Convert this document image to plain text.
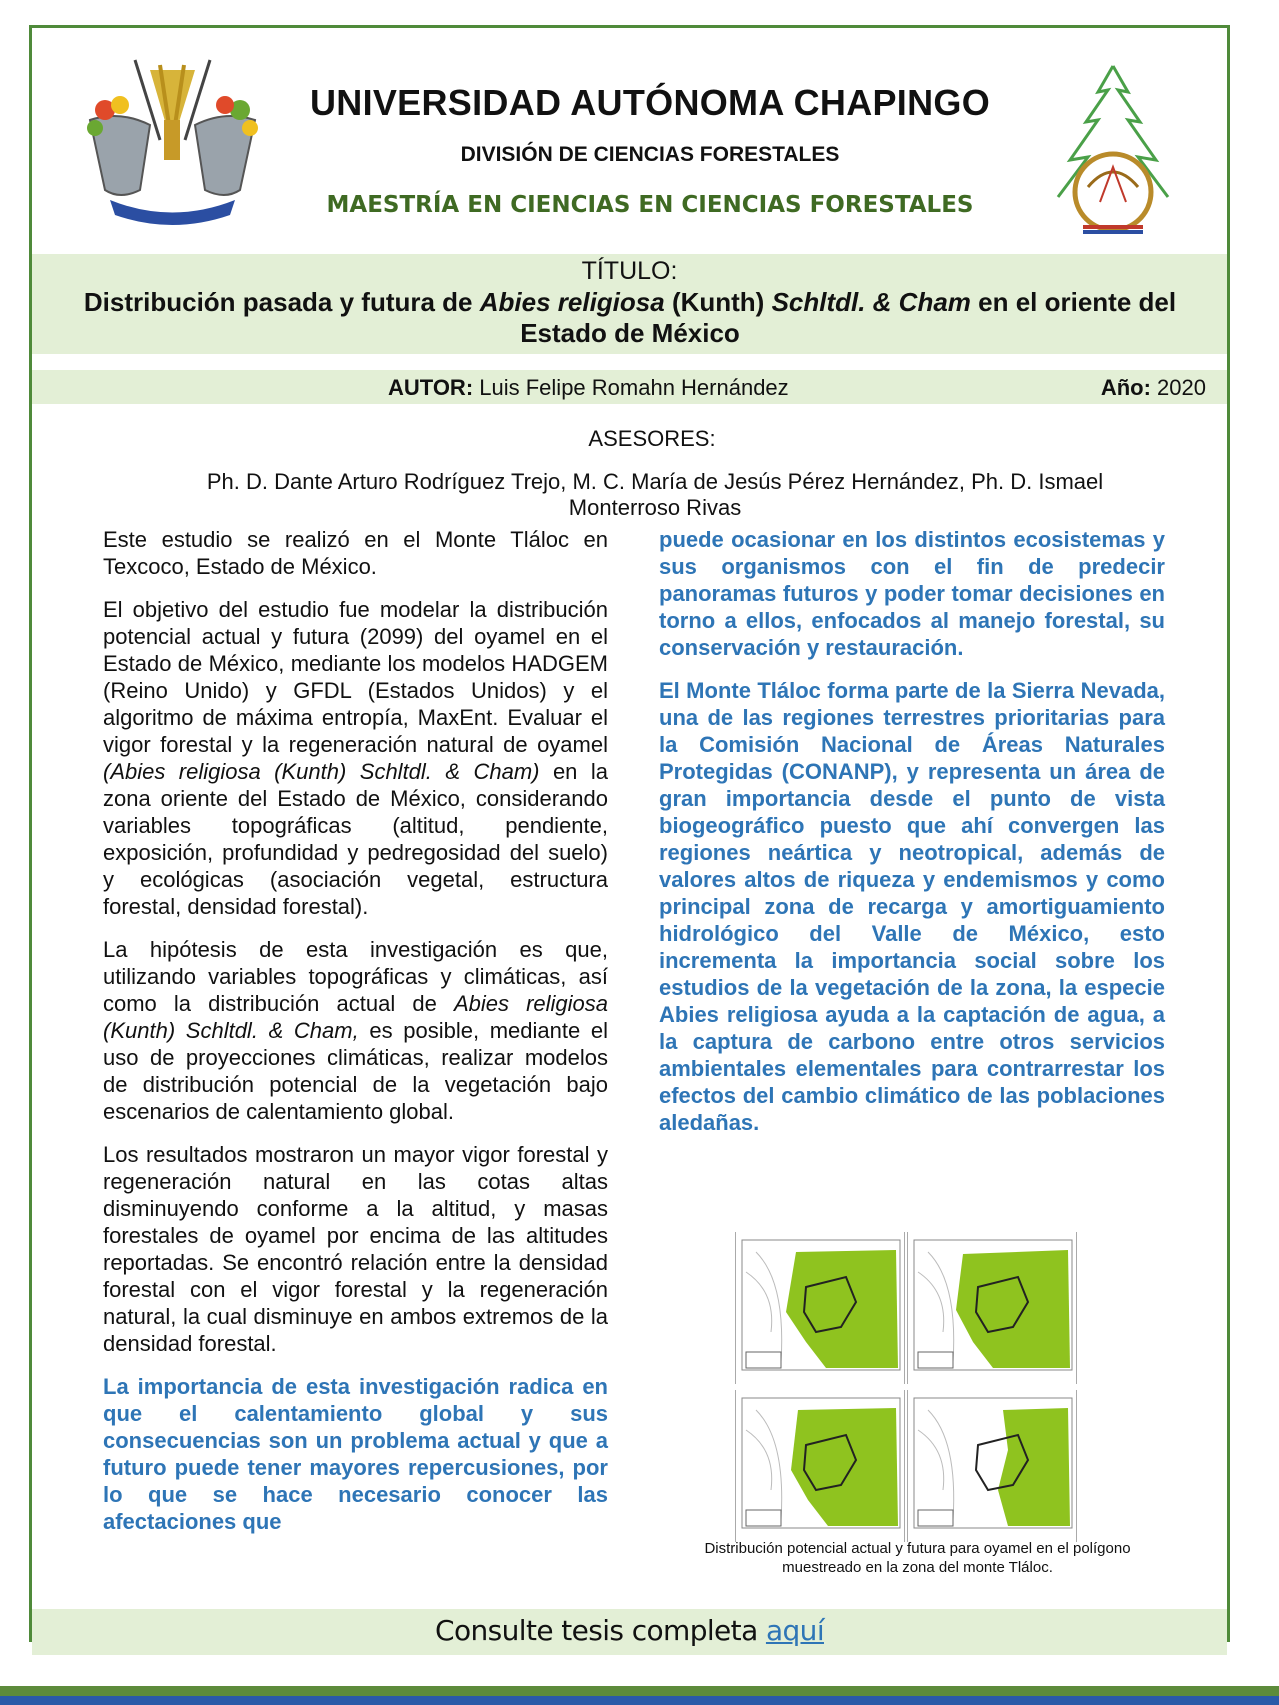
UNIVERSIDAD AUTÓNOMA CHAPINGO
DIVISIÓN DE CIENCIAS FORESTALES
MAESTRÍA EN CIENCIAS EN CIENCIAS FORESTALES
TÍTULO:
Distribución pasada y futura de Abies religiosa (Kunth) Schltdl. & Cham en el oriente del Estado de México
AUTOR: Luis Felipe Romahn Hernández	Año: 2020
ASESORES:
Ph. D. Dante Arturo Rodríguez Trejo, M. C. María de Jesús Pérez Hernández, Ph. D. Ismael Monterroso Rivas

Este estudio se realizó en el Monte Tláloc en Texcoco, Estado de México.

El objetivo del estudio fue modelar la distribución potencial actual y futura (2099) del oyamel en el Estado de México, mediante los modelos HADGEM (Reino Unido) y GFDL (Estados Unidos) y el algoritmo de máxima entropía, MaxEnt. Evaluar el vigor forestal y la regeneración natural de oyamel (Abies religiosa (Kunth) Schltdl. & Cham) en la zona oriente del Estado de México, considerando variables topográficas (altitud, pendiente, exposición, profundidad y pedregosidad del suelo) y ecológicas (asociación vegetal, estructura forestal, densidad forestal).

La hipótesis de esta investigación es que, utilizando variables topográficas y climáticas, así como la distribución actual de Abies religiosa (Kunth) Schltdl. & Cham, es posible, mediante el uso de proyecciones climáticas, realizar modelos de distribución potencial de la vegetación bajo escenarios de calentamiento global.

Los resultados mostraron un mayor vigor forestal y regeneración natural en las cotas altas disminuyendo conforme a la altitud, y masas forestales de oyamel por encima de las altitudes reportadas. Se encontró relación entre la densidad forestal con el vigor forestal y la regeneración natural, la cual disminuye en ambos extremos de la densidad forestal.

La importancia de esta investigación radica en que el calentamiento global y sus consecuencias son un problema actual y que a futuro puede tener mayores repercusiones, por lo que se hace necesario conocer las afectaciones que

puede ocasionar en los distintos ecosistemas y sus organismos con el fin de predecir panoramas futuros y poder tomar decisiones en torno a ellos, enfocados al manejo forestal, su conservación y restauración.

El Monte Tláloc forma parte de la Sierra Nevada, una de las regiones terrestres prioritarias para la Comisión Nacional de Áreas Naturales Protegidas (CONANP), y representa un área de gran importancia desde el punto de vista biogeográfico puesto que ahí convergen las regiones neártica y neotropical, además de valores altos de riqueza y endemismos y como principal zona de recarga y amortiguamiento hidrológico del Valle de México, esto incrementa la importancia social sobre los estudios de la vegetación de la zona, la especie Abies religiosa ayuda a la captación de agua, a la captura de carbono entre otros servicios ambientales elementales para contrarrestar los efectos del cambio climático de las poblaciones aledañas.

Distribución potencial actual y futura para oyamel en el polígono muestreado en la zona del monte Tláloc.
Consulte tesis completa aquí
